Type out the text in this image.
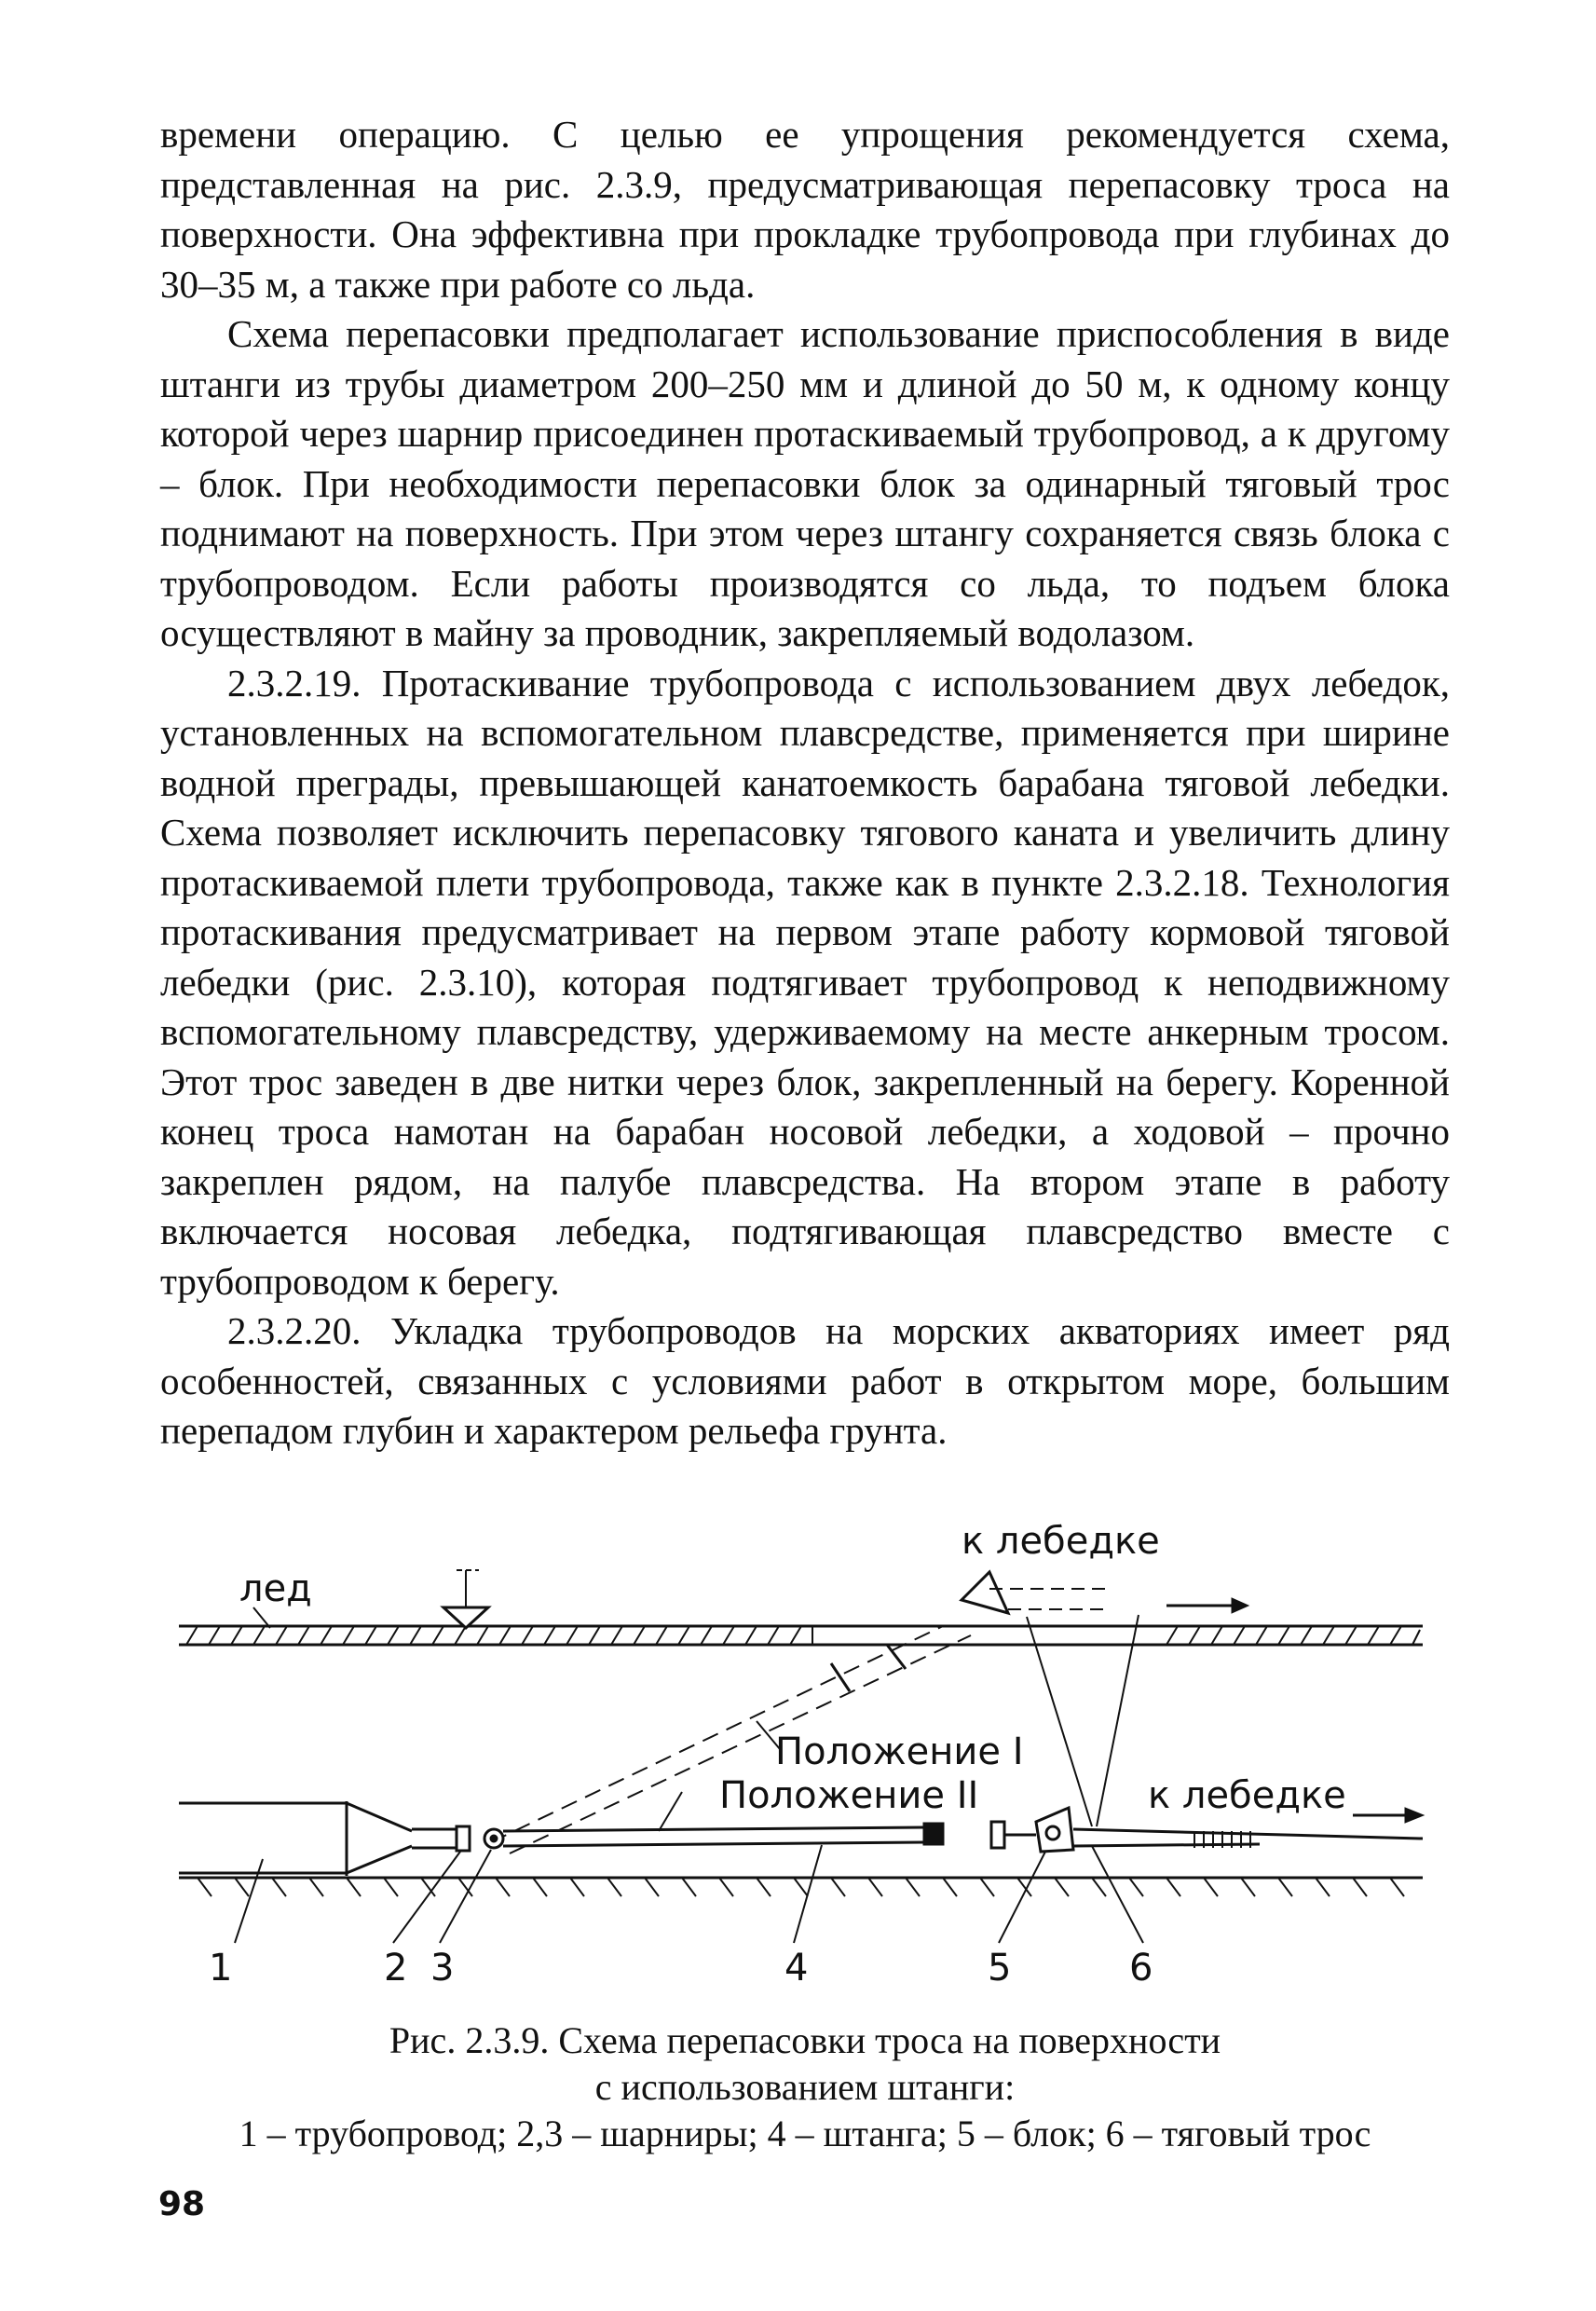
времени операцию. С целью ее упрощения рекомендуется схема, представленная на рис. 2.3.9, предусматривающая перепасовку троса на поверхности. Она эффективна при прокладке трубопровода при глубинах до 30–35 м, а также при работе со льда.

Схема перепасовки предполагает использование приспособления в виде штанги из трубы диаметром 200–250 мм и длиной до 50 м, к одному концу которой через шарнир присоединен протаскиваемый трубопровод, а к другому – блок. При необходимости перепасовки блок за одинарный тяговый трос поднимают на поверхность. При этом через штангу сохраняется связь блока с трубопроводом. Если работы производятся со льда, то подъем блока осуществляют в майну за проводник, закрепляемый водолазом.

2.3.2.19. Протаскивание трубопровода с использованием двух лебедок, установленных на вспомогательном плавсредстве, применяется при ширине водной преграды, превышающей канатоемкость барабана тяговой лебедки. Схема позволяет исключить перепасовку тягового каната и увеличить длину протаскиваемой плети трубопровода, также как в пункте 2.3.2.18. Технология протаскивания предусматривает на первом этапе работу кормовой тяговой лебедки (рис. 2.3.10), которая подтягивает трубопровод к неподвижному вспомогательному плавсредству, удерживаемому на месте анкерным тросом. Этот трос заведен в две нитки через блок, закрепленный на берегу. Коренной конец троса намотан на барабан носовой лебедки, а ходовой – прочно закреплен рядом, на палубе плавсредства. На втором этапе в работу включается носовая лебедка, подтягивающая плавсредство вместе с трубопроводом к берегу.

2.3.2.20. Укладка трубопроводов на морских акваториях имеет ряд особенностей, связанных с условиями работ в открытом море, большим перепадом глубин и характером рельефа грунта.

лед
к лебедке
Положение I
Положение II	к лебедке
1	2 3	4	5	6
Рис. 2.3.9. Схема перепасовки троса на поверхности
с использованием штанги:
1 – трубопровод; 2,3 – шарниры; 4 – штанга; 5 – блок; 6 – тяговый трос
98
